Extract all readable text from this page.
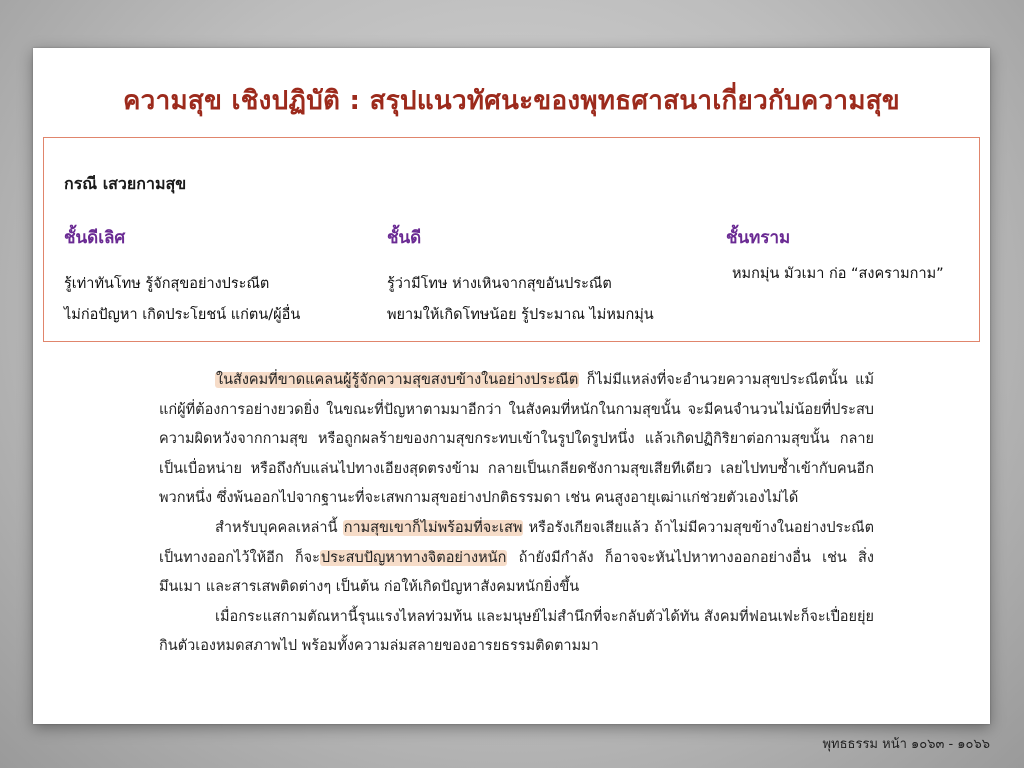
ความสุข เชิงปฏิบัติ : สรุปแนวทัศนะของพุทธศาสนาเกี่ยวกับความสุข
กรณี เสวยกามสุข
ชั้นดีเลิศ
รู้เท่าทันโทษ รู้จักสุขอย่างประณีต
ไม่ก่อปัญหา เกิดประโยชน์ แก่ตน/ผู้อื่น
ชั้นดี
รู้ว่ามีโทษ ห่างเหินจากสุขอันประณีต
พยามให้เกิดโทษน้อย รู้ประมาณ ไม่หมกมุ่น
ชั้นทราม
หมกมุ่น มัวเมา ก่อ “สงครามกาม”
ในสังคมที่ขาดแคลนผู้รู้จักความสุขสงบข้างในอย่างประณีต ก็ไม่มีแหล่งที่จะอำนวยความสุขประณีตนั้น แม้แก่ผู้ที่ต้องการอย่างยวดยิ่ง ในขณะที่ปัญหาตามมาอีกว่า ในสังคมที่หนักในกามสุขนั้น จะมีคนจำนวนไม่น้อยที่ประสบความผิดหวังจากกามสุข หรือถูกผลร้ายของกามสุขกระทบเข้าในรูปใดรูปหนึ่ง แล้วเกิดปฏิกิริยาต่อกามสุขนั้น กลายเป็นเบื่อหน่าย หรือถึงกับแล่นไปทางเอียงสุดตรงข้าม กลายเป็นเกลียดชังกามสุขเสียทีเดียว เลยไปทบซ้ำเข้ากับคนอีกพวกหนึ่ง ซึ่งพ้นออกไปจากฐานะที่จะเสพกามสุขอย่างปกติธรรมดา เช่น คนสูงอายุเฒ่าแก่ช่วยตัวเองไม่ได้
สำหรับบุคคลเหล่านี้ กามสุขเขาก็ไม่พร้อมที่จะเสพ หรือรังเกียจเสียแล้ว ถ้าไม่มีความสุขข้างในอย่างประณีตเป็นทางออกไว้ให้อีก ก็จะประสบปัญหาทางจิตอย่างหนัก ถ้ายังมีกำลัง ก็อาจจะหันไปหาทางออกอย่างอื่น เช่น สิ่งมึนเมา และสารเสพติดต่างๆ เป็นต้น ก่อให้เกิดปัญหาสังคมหนักยิ่งขึ้น
เมื่อกระแสกามตัณหานี้รุนแรงไหลท่วมท้น และมนุษย์ไม่สำนึกที่จะกลับตัวได้ทัน สังคมที่ฟอนเฟะก็จะเปื่อยยุ่ยกินตัวเองหมดสภาพไป พร้อมทั้งความล่มสลายของอารยธรรมติดตามมา
พุทธธรรม หน้า ๑๐๖๓ - ๑๐๖๖
